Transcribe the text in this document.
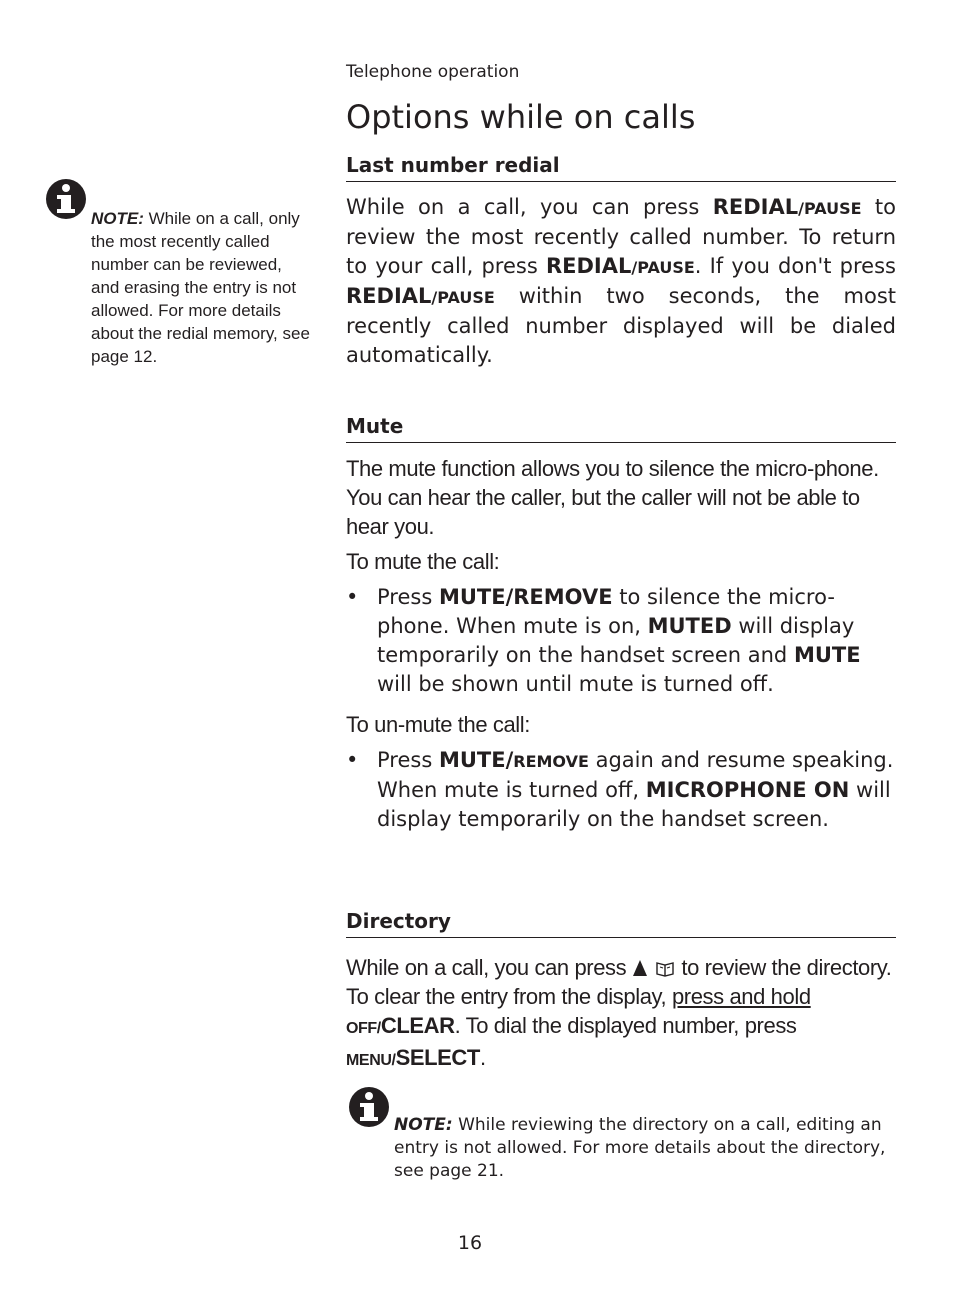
Telephone operation
Options while on calls
NOTE: While on a call, only the most recently called number can be reviewed, and erasing the entry is not allowed. For more details about the redial memory, see page 12.
Last number redial

While on a call, you can press REDIAL/PAUSE to review the most recently called number. To return to your call, press REDIAL/PAUSE. If you don't press REDIAL/PAUSE within two seconds, the most recently called number displayed will be dialed automatically.

Mute

The mute function allows you to silence the micro-phone. You can hear the caller, but the caller will not be able to hear you.

To mute the call:

• Press MUTE/REMOVE to silence the micro-phone. When mute is on, MUTED will display temporarily on the handset screen and MUTE will be shown until mute is turned off.

To un-mute the call:

• Press MUTE/REMOVE again and resume speaking. When mute is turned off, MICROPHONE ON will display temporarily on the handset screen.
Directory

While on a call, you can press   to review the directory. To clear the entry from the display, press and hold OFF/CLEAR. To dial the displayed number, press MENU/SELECT.

NOTE: While reviewing the directory on a call, editing an entry is not allowed. For more details about the directory, see page 21.
16
